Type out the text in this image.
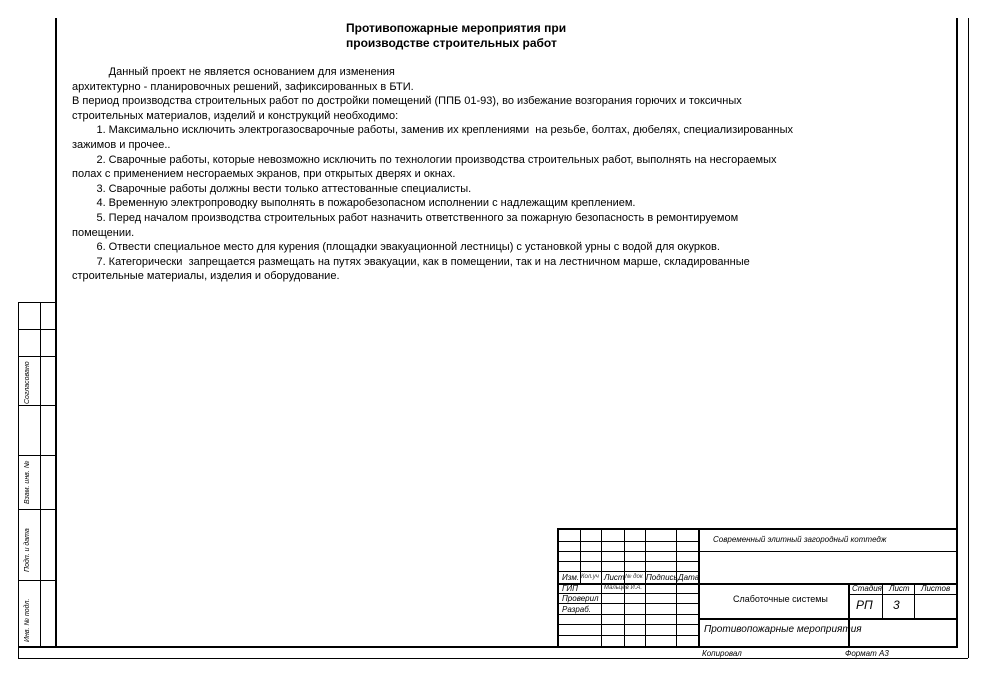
Согласовано
Взам. инв. №
Подп. и дата
Инв. № подл.
Противопожарные мероприятия при
производстве строительных работ

Данный проект не является основанием для изменения

архитектурно - планировочных решений, зафиксированных в БТИ.

В период производства строительных работ по достройки помещений (ППБ 01-93), во избежание возгорания горючих и токсичных

строительных материалов, изделий и конструкций необходимо:

1. Максимально исключить электрогазосварочные работы, заменив их креплениями  на резьбе, болтах, дюбелях, специализированных

зажимов и прочее..

2. Сварочные работы, которые невозможно исключить по технологии производства строительных работ, выполнять на несгораемых

полах с применением несгораемых экранов, при открытых дверях и окнах.

3. Сварочные работы должны вести только аттестованные специалисты.

4. Временную электропроводку выполнять в пожаробезопасном исполнении с надлежащим креплением.

5. Перед началом производства строительных работ назначить ответственного за пожарную безопасность в ремонтируемом

помещении.

6. Отвести специальное место для курения (площадки эвакуационной лестницы) с установкой урны с водой для окурков.

7. Категорически  запрещается размещать на путях эвакуации, как в помещении, так и на лестничном марше, складированные

строительные материалы, изделия и оборудование.

Современный элитный загородный коттедж
Изм. Кол.уч Лист № док Подпись Дата
ГИП	Мальцев И.А.
Проверил
Разраб.
Слаботочные системы
Стадия Лист Листов
РП 3
Противопожарные мероприятия
Копировал	Формат А3
